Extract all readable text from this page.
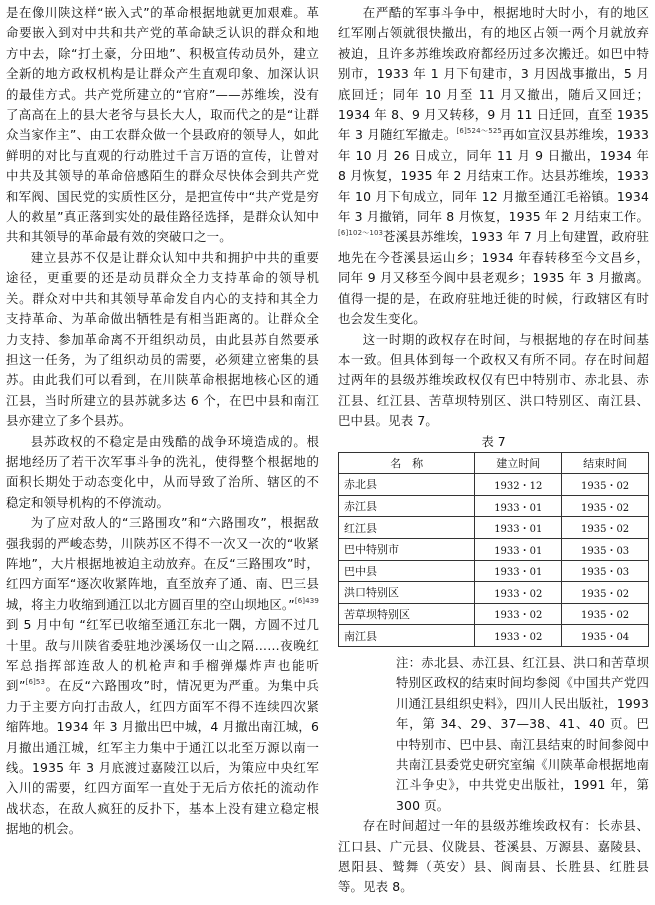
是在像川陕这样“嵌入式”的革命根据地就更加艰难。革命要嵌入到对中共和共产党的革命缺乏认识的群众和地方中去，除“打土豪，分田地”、积极宣传动员外，建立全新的地方政权机构是让群众产生直观印象、加深认识的最佳方式。共产党所建立的“官府”——苏维埃，没有了高高在上的县大老爷与县长大人，取而代之的是“让群众当家作主”、由工农群众做一个县政府的领导人，如此鲜明的对比与直观的行动胜过千言万语的宣传，让曾对中共及其领导的革命倍感陌生的群众尽快体会到共产党和军阀、国民党的实质性区分，是把宣传中“共产党是穷人的救星”真正落到实处的最佳路径选择，是群众认知中共和其领导的革命最有效的突破口之一。

建立县苏不仅是让群众认知中共和拥护中共的重要途径，更重要的还是动员群众全力支持革命的领导机关。群众对中共和其领导革命发自内心的支持和其全力支持革命、为革命做出牺牲是有相当距离的。让群众全力支持、参加革命离不开组织动员，由此县苏自然要承担这一任务，为了组织动员的需要，必须建立密集的县苏。由此我们可以看到，在川陕革命根据地核心区的通江县，当时所建立的县苏就多达 6 个，在巴中县和南江县亦建立了多个县苏。

县苏政权的不稳定是由残酷的战争环境造成的。根据地经历了若干次军事斗争的洗礼，使得整个根据地的面积长期处于动态变化中，从而导致了治所、辖区的不稳定和领导机构的不停流动。

为了应对敌人的“三路围攻”和“六路围攻”，根据敌强我弱的严峻态势，川陕苏区不得不一次又一次的“收紧阵地”，大片根据地被迫主动放弃。在反“三路围攻”时，红四方面军“逐次收紧阵地，直至放弃了通、南、巴三县城，将主力收缩到通江以北方圆百里的空山坝地区。”$^{[6]439}$到 5 月中旬 “红军已收缩至通江东北一隅，方圆不过几十里。敌与川陕省委驻地沙溪场仅一山之隔……夜晚红军总指挥部连敌人的机枪声和手榴弹爆炸声也能听到”$^{[6]53}$。在反“六路围攻”时，情况更为严重。为集中兵力于主要方向打击敌人，红四方面军不得不连续四次紧缩阵地。1934 年 3 月撤出巴中城，4 月撤出南江城，6 月撤出通江城，红军主力集中于通江以北至万源以南一线。1935 年 3 月底渡过嘉陵江以后，为策应中央红军入川的需要，红四方面军一直处于无后方依托的流动作战状态，在敌人疯狂的反扑下，基本上没有建立稳定根据地的机会。

在严酷的军事斗争中，根据地时大时小，有的地区红军刚占领就很快撤出，有的地区占领一两个月就放弃被迫，且许多苏维埃政府都经历过多次搬迁。如巴中特别市，1933 年 1 月下旬建市，3 月因战事撤出，5 月底回迁；同年 10 月至 11 月又撤出，随后又回迁；1934 年 8、9 月又转移，9 月 11 日迁回，直至 1935 年 3 月随红军撤走。$^{[6]524\sim 525}$再如宣汉县苏维埃，1933 年 10 月 26 日成立，同年 11 月 9 日撤出，1934 年 8 月恢复，1935 年 2 月结束工作。达县苏维埃，1933 年 10 月下旬成立，同年 12 月撤至通江毛裕镇。1934 年 3 月撤销，同年 8 月恢复，1935 年 2 月结束工作。$^{[6]102\sim 103}$苍溪县苏维埃，1933 年 7 月上旬建置，政府驻地先在今苍溪县运山乡；1934 年春转移至今文昌乡，同年 9 月又移至今阆中县老观乡；1935 年 3 月撤离。值得一提的是，在政府驻地迁徙的时候，行政辖区有时也会发生变化。

这一时期的政权存在时间，与根据地的存在时间基本一致。但具体到每一个政权又有所不同。存在时间超过两年的县级苏维埃政权仅有巴中特别市、赤北县、赤江县、红江县、苦草坝特别区、洪口特别区、南江县、巴中县。见表 7。

表 7
名　称	建立时间	结束时间
赤北县	1932・12	1935・02
赤江县	1933・01	1935・02
红江县	1933・01	1935・02
巴中特别市	1933・01	1935・03
巴中县	1933・01	1935・03
洪口特别区	1933・02	1935・02
苦草坝特别区	1933・02	1935・02
南江县	1933・02	1935・04

注：赤北县、赤江县、红江县、洪口和苦草坝特别区政权的结束时间均参阅《中国共产党四川通江县组织史料》，四川人民出版社，1993 年，第 34、29、37—38、41、40 页。巴中特别市、巴中县、南江县结束的时间参阅中共南江县委党史研究室编《川陕革命根据地南江斗争史》，中共党史出版社，1991 年，第 300 页。

存在时间超过一年的县级苏维埃政权有：长赤县、江口县、广元县、仪陇县、苍溪县、万源县、嘉陵县、恩阳县、鹫舞（英安）县、阆南县、长胜县、红胜县等。见表 8。
